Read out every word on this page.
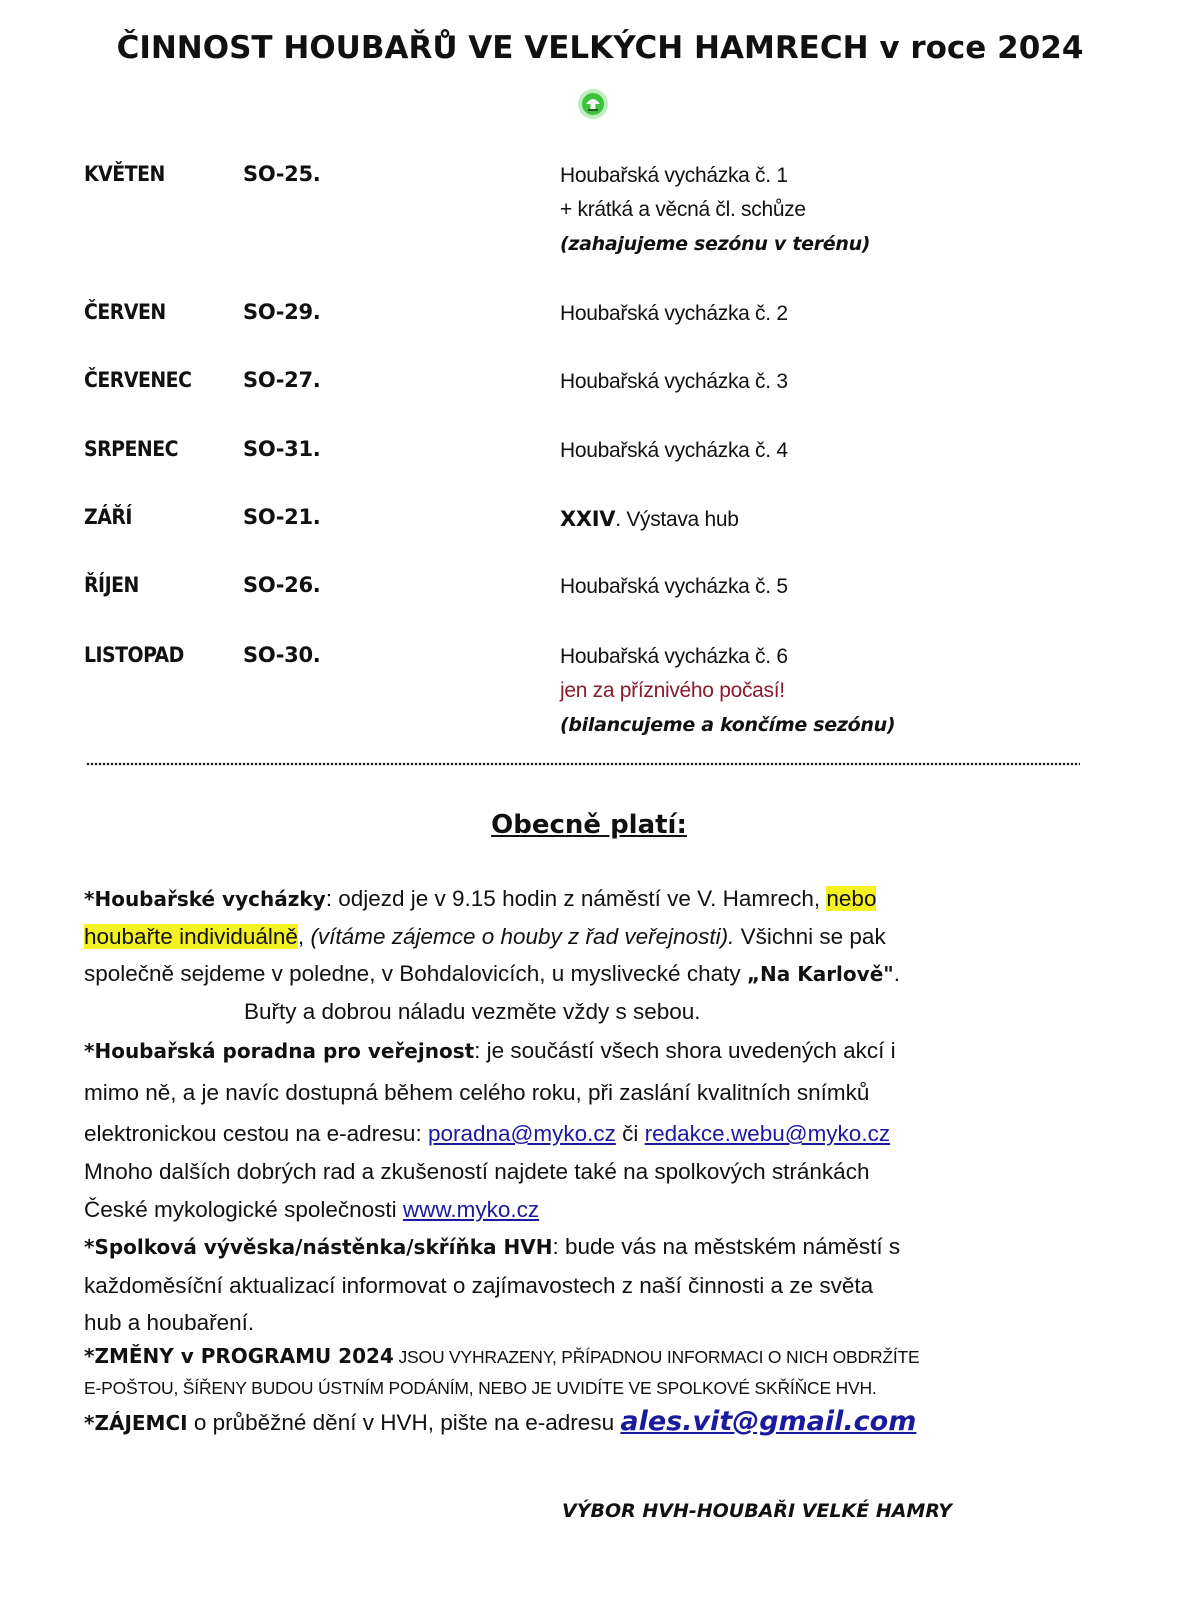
ČINNOST HOUBAŘŮ VE VELKÝCH HAMRECH v roce 2024
KVĚTEN	SO-25.	Houbařská vycházka č. 1
+ krátká a věcná čl. schůze
(zahajujeme sezónu v terénu)
ČERVEN	SO-29.	Houbařská vycházka č. 2
ČERVENEC SO-27.	Houbařská vycházka č. 3
SRPENEC	SO-31.	Houbařská vycházka č. 4
ZÁŘÍ	SO-21.	XXIV. Výstava hub
ŘÍJEN	SO-26.	Houbařská vycházka č. 5
LISTOPAD	SO-30.	Houbařská vycházka č. 6
jen za příznivého počasí!
(bilancujeme a končíme sezónu)
Obecně platí:
*Houbařské vycházky: odjezd je v 9.15 hodin z náměstí ve V. Hamrech, nebo
houbařte individuálně, (vítáme zájemce o houby z řad veřejnosti). Všichni se pak
společně sejdeme v poledne, v Bohdalovicích, u myslivecké chaty „Na Karlově".
Buřty a dobrou náladu vezměte vždy s sebou.
*Houbařská poradna pro veřejnost: je součástí všech shora uvedených akcí i
mimo ně, a je navíc dostupná během celého roku, při zaslání kvalitních snímků
elektronickou cestou na e-adresu: poradna@myko.cz či redakce.webu@myko.cz
Mnoho dalších dobrých rad a zkušeností najdete také na spolkových stránkách
České mykologické společnosti www.myko.cz
*Spolková vývěska/nástěnka/skříňka HVH: bude vás na městském náměstí s
každoměsíční aktualizací informovat o zajímavostech z naší činnosti a ze světa
hub a houbaření.
*ZMĚNY v PROGRAMU 2024 JSOU VYHRAZENY, PŘÍPADNOU INFORMACI O NICH OBDRŽÍTE
E-POŠTOU, ŠÍŘENY BUDOU ÚSTNÍM PODÁNÍM, NEBO JE UVIDÍTE VE SPOLKOVÉ SKŘÍŇCE HVH.
*ZÁJEMCI o průběžné dění v HVH, pište na e-adresu ales.vit@gmail.com
VÝBOR HVH-HOUBAŘI VELKÉ HAMRY
